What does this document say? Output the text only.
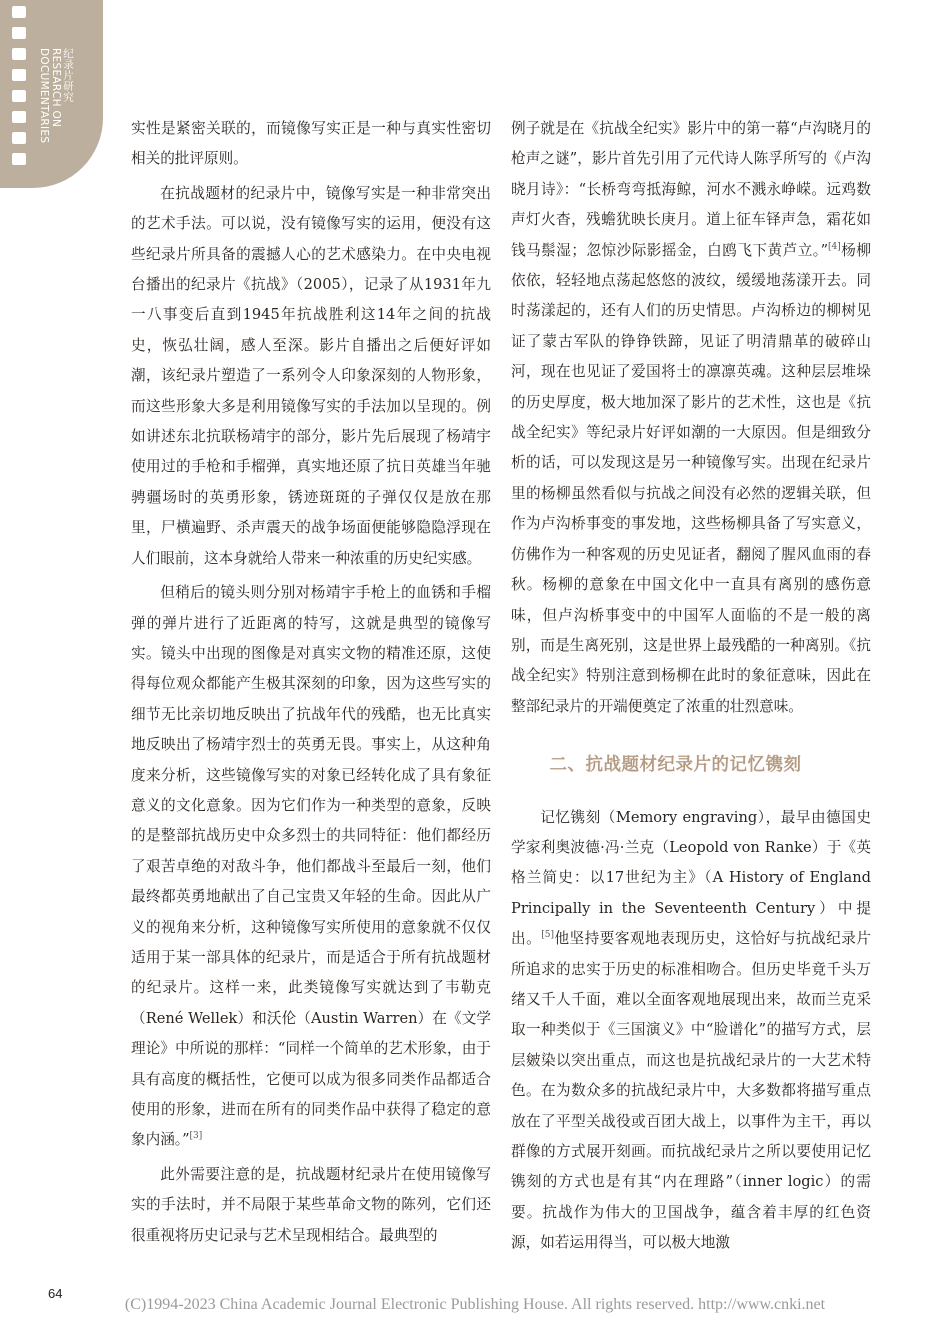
纪录片研究
RESEARCH ON
DOCUMENTARIES	实性是紧密关联的，而镜像写实正是一种与真实性密切相关的批评原则。

在抗战题材的纪录片中，镜像写实是一种非常突出的艺术手法。可以说，没有镜像写实的运用，便没有这些纪录片所具备的震撼人心的艺术感染力。在中央电视台播出的纪录片《抗战》（2005），记录了从1931年九一八事变后直到1945年抗战胜利这14年之间的抗战史，恢弘壮阔，感人至深。影片自播出之后便好评如潮，该纪录片塑造了一系列令人印象深刻的人物形象，而这些形象大多是利用镜像写实的手法加以呈现的。例如讲述东北抗联杨靖宇的部分，影片先后展现了杨靖宇使用过的手枪和手榴弹，真实地还原了抗日英雄当年驰骋疆场时的英勇形象，锈迹斑斑的子弹仅仅是放在那里，尸横遍野、杀声震天的战争场面便能够隐隐浮现在人们眼前，这本身就给人带来一种浓重的历史纪实感。

但稍后的镜头则分别对杨靖宇手枪上的血锈和手榴弹的弹片进行了近距离的特写，这就是典型的镜像写实。镜头中出现的图像是对真实文物的精准还原，这使得每位观众都能产生极其深刻的印象，因为这些写实的细节无比亲切地反映出了抗战年代的残酷，也无比真实地反映出了杨靖宇烈士的英勇无畏。事实上，从这种角度来分析，这些镜像写实的对象已经转化成了具有象征意义的文化意象。因为它们作为一种类型的意象，反映的是整部抗战历史中众多烈士的共同特征：他们都经历了艰苦卓绝的对敌斗争，他们都战斗至最后一刻，他们最终都英勇地献出了自己宝贵又年轻的生命。因此从广义的视角来分析，这种镜像写实所使用的意象就不仅仅适用于某一部具体的纪录片，而是适合于所有抗战题材的纪录片。这样一来，此类镜像写实就达到了韦勒克（René Wellek）和沃伦（Austin Warren）在《文学理论》中所说的那样：“同样一个简单的艺术形象，由于具有高度的概括性，它便可以成为很多同类作品都适合使用的形象，进而在所有的同类作品中获得了稳定的意象内涵。”[3]

此外需要注意的是，抗战题材纪录片在使用镜像写实的手法时，并不局限于某些革命文物的陈列，它们还很重视将历史记录与艺术呈现相结合。最典型的

例子就是在《抗战全纪实》影片中的第一幕“卢沟晓月的枪声之谜”，影片首先引用了元代诗人陈孚所写的《卢沟晓月诗》：“长桥弯弯抵海鲸，河水不溅永峥嵘。远鸡数声灯火杳，残蟾犹映长庚月。道上征车铎声急，霜花如钱马鬃湿；忽惊沙际影摇金，白鸥飞下黄芦立。”[4]杨柳依依，轻轻地点荡起悠悠的波纹，缓缓地荡漾开去。同时荡漾起的，还有人们的历史情思。卢沟桥边的柳树见证了蒙古军队的铮铮铁蹄，见证了明清鼎革的破碎山河，现在也见证了爱国将士的凛凛英魂。这种层层堆垛的历史厚度，极大地加深了影片的艺术性，这也是《抗战全纪实》等纪录片好评如潮的一大原因。但是细致分析的话，可以发现这是另一种镜像写实。出现在纪录片里的杨柳虽然看似与抗战之间没有必然的逻辑关联，但作为卢沟桥事变的事发地，这些杨柳具备了写实意义，仿佛作为一种客观的历史见证者，翻阅了腥风血雨的春秋。杨柳的意象在中国文化中一直具有离别的感伤意味，但卢沟桥事变中的中国军人面临的不是一般的离别，而是生离死别，这是世界上最残酷的一种离别。《抗战全纪实》特别注意到杨柳在此时的象征意味，因此在整部纪录片的开端便奠定了浓重的壮烈意味。

二、抗战题材纪录片的记忆镌刻

记忆镌刻（Memory engraving），最早由德国史学家利奥波德·冯·兰克（Leopold von Ranke）于《英格兰简史：以17世纪为主》（A History of England Principally in the Seventeenth Century）中提出。[5]他坚持要客观地表现历史，这恰好与抗战纪录片所追求的忠实于历史的标准相吻合。但历史毕竟千头万绪又千人千面，难以全面客观地展现出来，故而兰克采取一种类似于《三国演义》中“脸谱化”的描写方式，层层皴染以突出重点，而这也是抗战纪录片的一大艺术特色。在为数众多的抗战纪录片中，大多数都将描写重点放在了平型关战役或百团大战上，以事件为主干，再以群像的方式展开刻画。而抗战纪录片之所以要使用记忆镌刻的方式也是有其“内在理路”（inner logic）的需要。抗战作为伟大的卫国战争，蕴含着丰厚的红色资源，如若运用得当，可以极大地激

64
(C)1994-2023 China Academic Journal Electronic Publishing House. All rights reserved. http://www.cnki.net
